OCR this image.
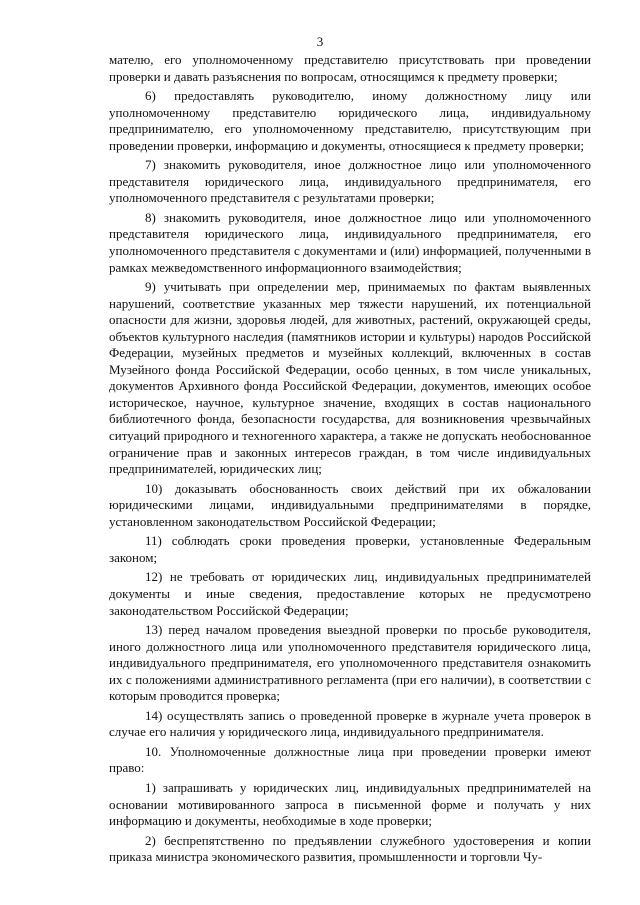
3

мателю, его уполномоченному представителю присутствовать при проведении проверки и давать разъяснения по вопросам, относящимся к предмету проверки;

6) предоставлять руководителю, иному должностному лицу или уполномоченному представителю юридического лица, индивидуальному предпринимателю, его уполномоченному представителю, присутствующим при проведении проверки, информацию и документы, относящиеся к предмету проверки;

7) знакомить руководителя, иное должностное лицо или уполномоченного представителя юридического лица, индивидуального предпринимателя, его уполномоченного представителя с результатами проверки;

8) знакомить руководителя, иное должностное лицо или уполномоченного представителя юридического лица, индивидуального предпринимателя, его уполномоченного представителя с документами и (или) информацией, полученными в рамках межведомственного информационного взаимодействия;

9) учитывать при определении мер, принимаемых по фактам выявленных нарушений, соответствие указанных мер тяжести нарушений, их потенциальной опасности для жизни, здоровья людей, для животных, растений, окружающей среды, объектов культурного наследия (памятников истории и культуры) народов Российской Федерации, музейных предметов и музейных коллекций, включенных в состав Музейного фонда Российской Федерации, особо ценных, в том числе уникальных, документов Архивного фонда Российской Федерации, документов, имеющих особое историческое, научное, культурное значение, входящих в состав национального библиотечного фонда, безопасности государства, для возникновения чрезвычайных ситуаций природного и техногенного характера, а также не допускать необоснованное ограничение прав и законных интересов граждан, в том числе индивидуальных предпринимателей, юридических лиц;

10) доказывать обоснованность своих действий при их обжаловании юридическими лицами, индивидуальными предпринимателями в порядке, установленном законодательством Российской Федерации;

11) соблюдать сроки проведения проверки, установленные Федеральным законом;

12) не требовать от юридических лиц, индивидуальных предпринимателей документы и иные сведения, предоставление которых не предусмотрено законодательством Российской Федерации;

13) перед началом проведения выездной проверки по просьбе руководителя, иного должностного лица или уполномоченного представителя юридического лица, индивидуального предпринимателя, его уполномоченного представителя ознакомить их с положениями административного регламента (при его наличии), в соответствии с которым проводится проверка;

14) осуществлять запись о проведенной проверке в журнале учета проверок в случае его наличия у юридического лица, индивидуального предпринимателя.

10. Уполномоченные должностные лица при проведении проверки имеют право:

1) запрашивать у юридических лиц, индивидуальных предпринимателей на основании мотивированного запроса в письменной форме и получать у них информацию и документы, необходимые в ходе проверки;

2) беспрепятственно по предъявлении служебного удостоверения и копии приказа министра экономического развития, промышленности и торговли Чу-
